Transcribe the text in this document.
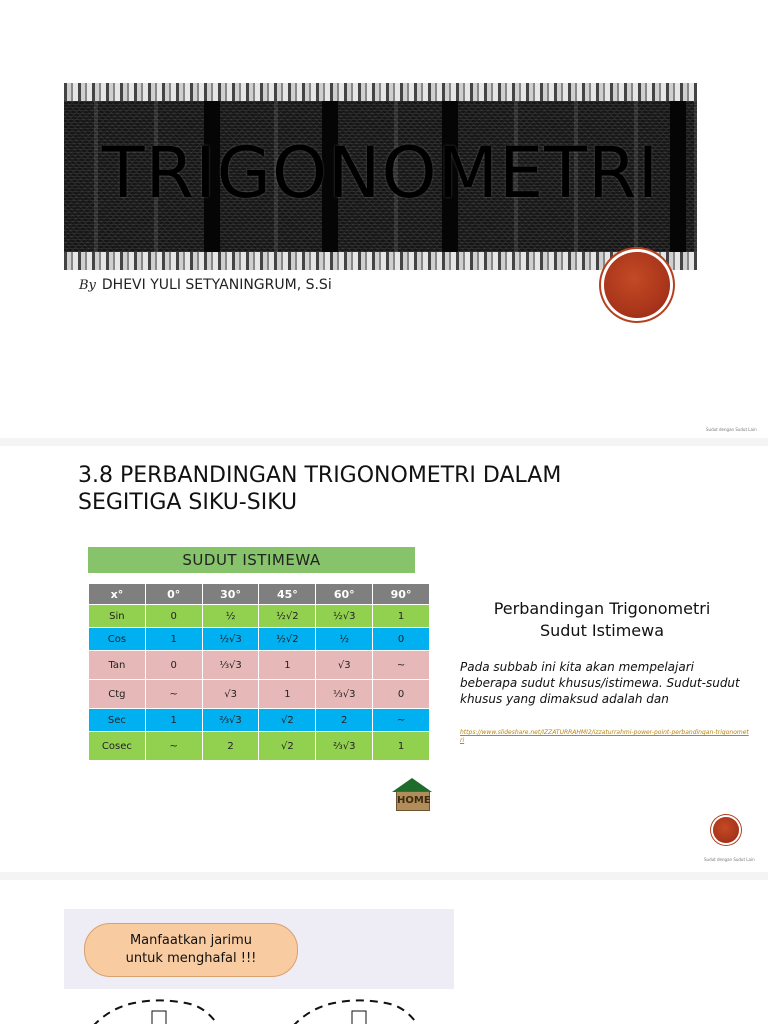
TRIGONOMETRI
By DHEVI YULI SETYANINGRUM, S.Si
Sudut dengan Sudut Lain
3.8 PERBANDINGAN TRIGONOMETRI DALAM
SEGITIGA SIKU-SIKU
SUDUT ISTIMEWA
x°	0°	30°	45°	60°	90°
Sin	0	½	½√2	½√3	1
Cos	1	½√3	½√2	½	0
Tan	0	⅓√3	1	√3	~
Ctg	~	√3	1	⅓√3	0
Sec	1	⅔√3	√2	2	~
Cosec	~	2	√2	⅔√3	1
HOME
Perbandingan Trigonometri
Sudut Istimewa
Pada subbab ini kita akan mempelajari beberapa sudut khusus/istimewa. Sudut-sudut khusus yang dimaksud adalah dan
https://www.slideshare.net/IZZATURRAHMI2/izzaturrahmi-power-point-perbandingan-trigonometri
Sudut dengan Sudut Lain
Manfaatkan jarimu
untuk menghafal !!!
